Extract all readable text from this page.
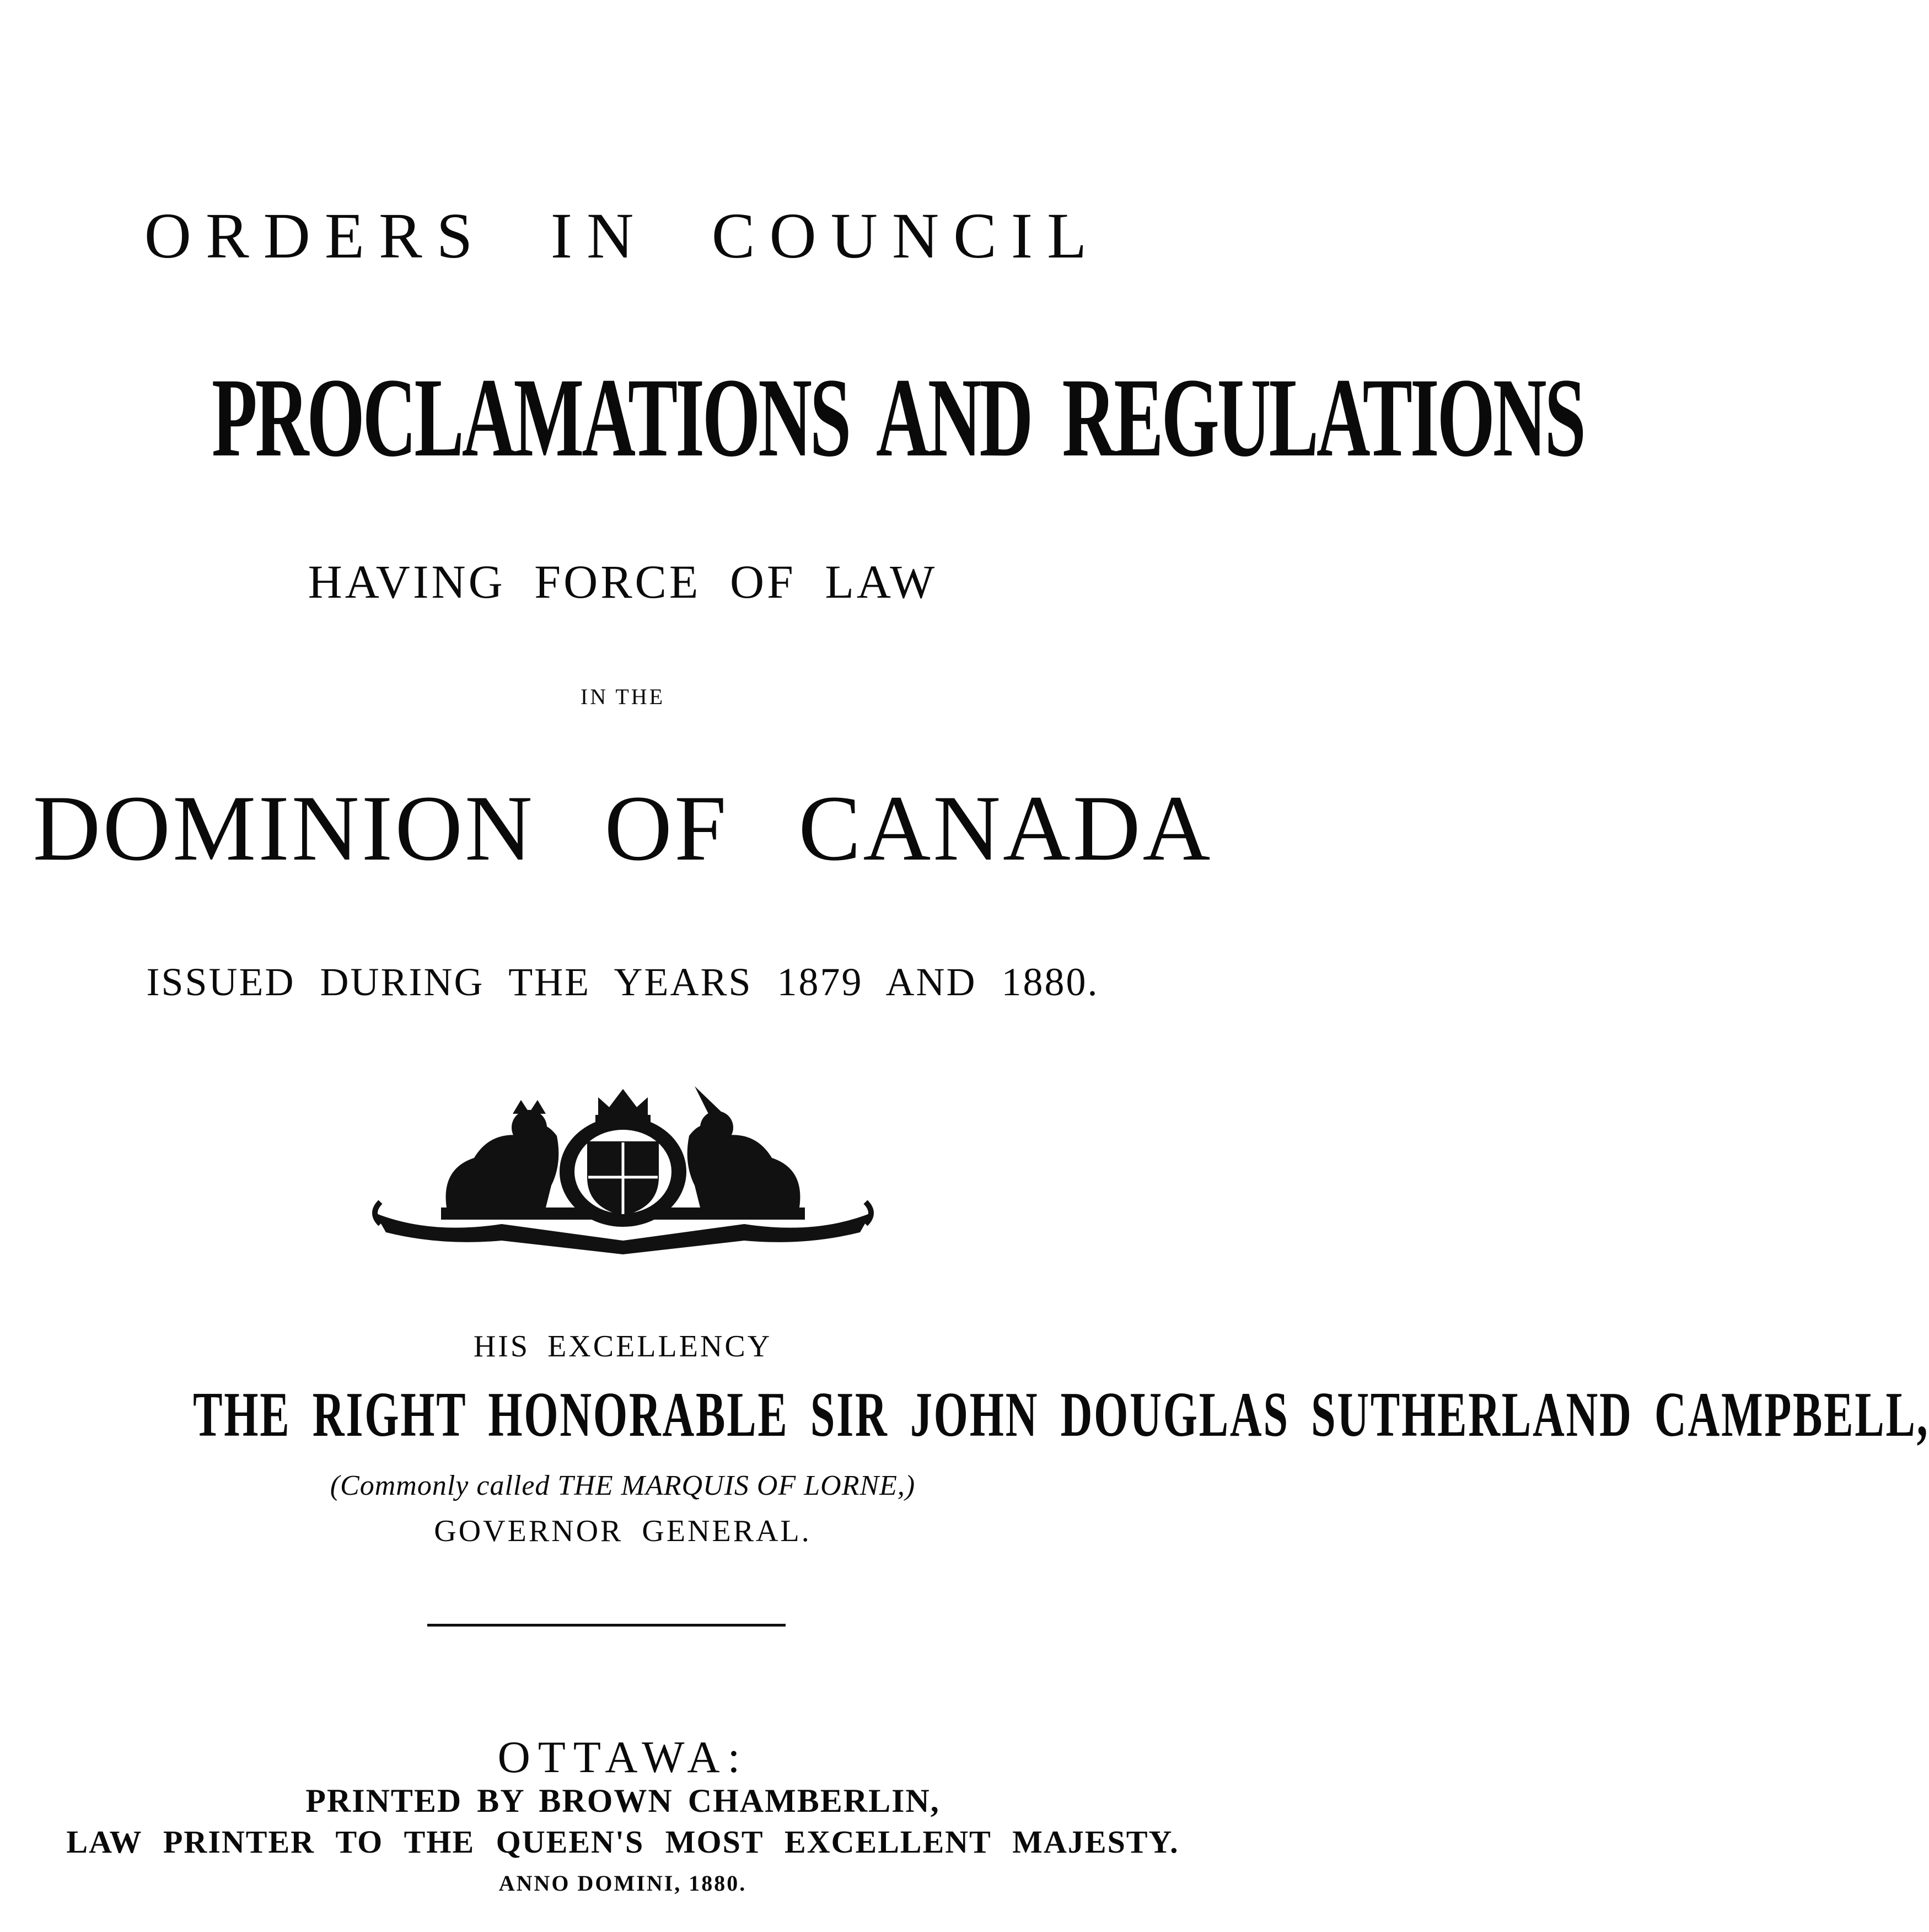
ORDERS IN COUNCIL
PROCLAMATIONS AND REGULATIONS
HAVING FORCE OF LAW
IN THE
DOMINION OF CANADA
ISSUED DURING THE YEARS 1879 AND 1880.
HIS EXCELLENCY
THE RIGHT HONORABLE SIR JOHN DOUGLAS SUTHERLAND CAMPBELL,
(Commonly called THE MARQUIS OF LORNE,)
GOVERNOR GENERAL.
OTTAWA:
PRINTED BY BROWN CHAMBERLIN,
LAW PRINTER TO THE QUEEN'S MOST EXCELLENT MAJESTY.
ANNO DOMINI, 1880.
